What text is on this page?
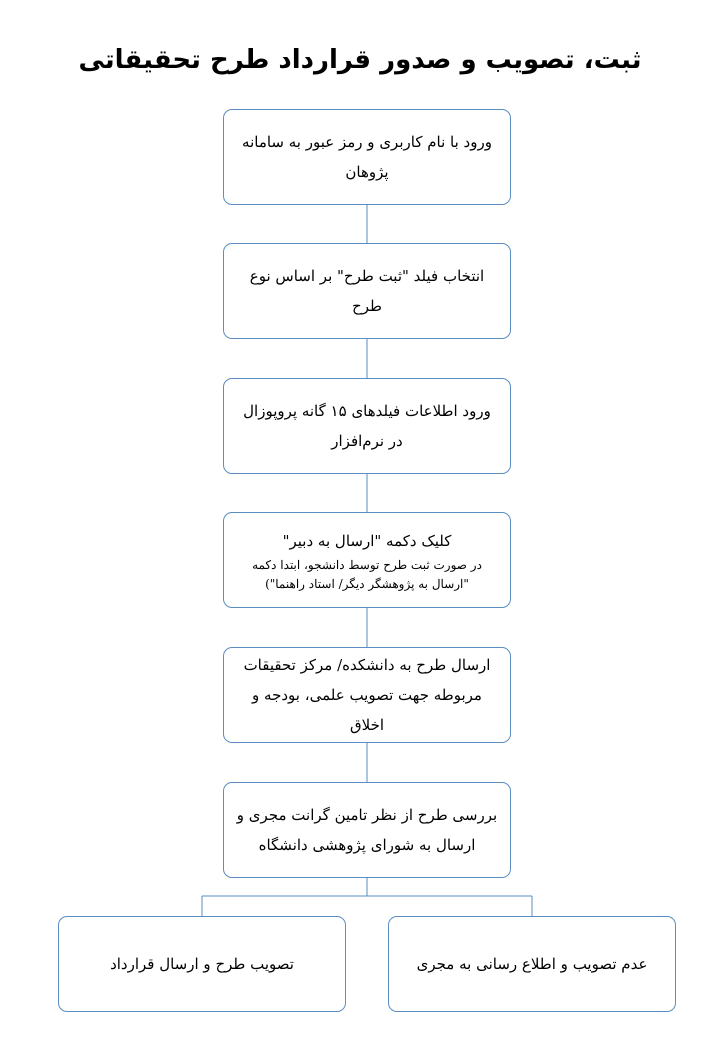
ثبت، تصویب و صدور قرارداد طرح تحقیقاتی
ورود با نام کاربری و رمز عبور به سامانه پژوهان
انتخاب فیلد "ثبت طرح" بر اساس نوع طرح
ورود اطلاعات فیلدهای ۱۵ گانه پروپوزال در نرم‌افزار
کلیک دکمه "ارسال به دبیر"
در صورت ثبت طرح توسط دانشجو، ابتدا دکمه "ارسال به پژوهشگر دیگر/ استاد راهنما")
ارسال طرح به دانشکده/ مرکز تحقیقات مربوطه جهت تصویب علمی، بودجه و اخلاق
بررسی طرح از نظر تامین گرانت مجری و ارسال به شورای پژوهشی دانشگاه
تصویب طرح و ارسال قرارداد	عدم تصویب و اطلاع رسانی به مجری
